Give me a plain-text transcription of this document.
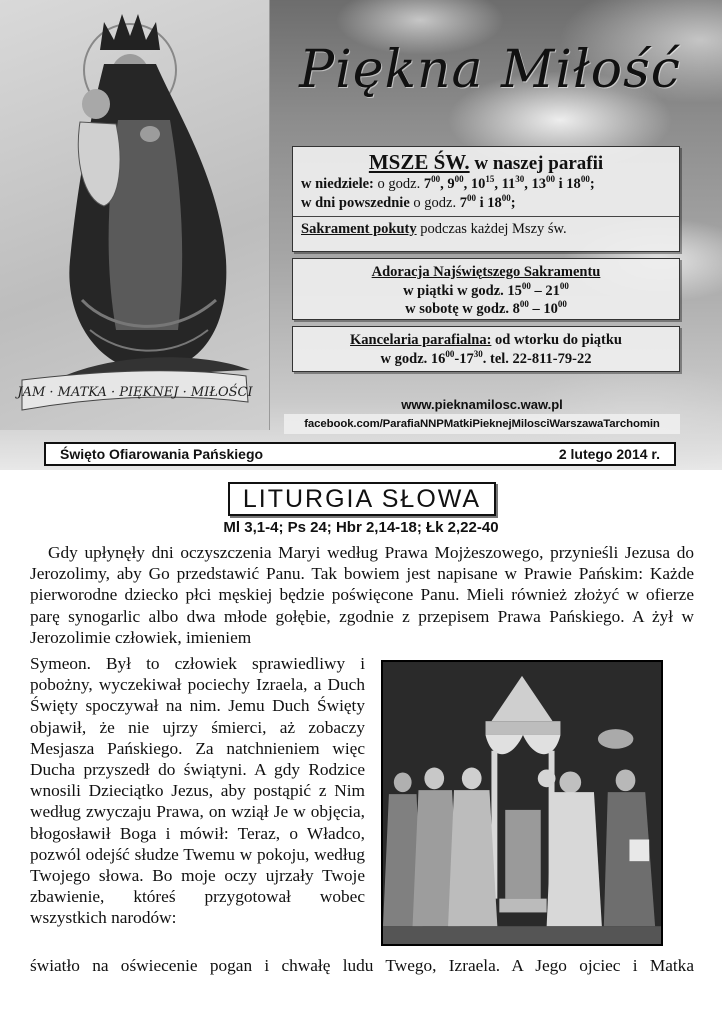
JAM · MATKA · PIĘKNEJ · MIŁOŚCI
Piękna Miłość
MSZE ŚW. w naszej parafii
w niedziele: o godz. $7^{00}$, $9^{00}$, $10^{15}$, $11^{30}$, $13^{00}$ i $18^{00}$;
w dni powszednie o godz. $7^{00}$ i $18^{00}$;
Sakrament pokuty podczas każdej Mszy św.
Adoracja Najświętszego Sakramentu
w piątki w godz. $15^{00} - 21^{00}$
w sobotę w godz. $8^{00} - 10^{00}$
Kancelaria parafialna: od wtorku do piątku
w godz. $16^{00}-17^{30}$. tel. 22-811-79-22
www.pieknamilosc.waw.pl
facebook.com/ParafiaNNPMatkiPieknejMilosciWarszawaTarchomin
Święto Ofiarowania Pańskiego	2 lutego 2014 r.
LITURGIA SŁOWA
Ml 3,1-4; Ps 24; Hbr 2,14-18; Łk 2,22-40
Gdy upłynęły dni oczyszczenia Maryi według Prawa Mojżeszowego, przynieśli Jezusa do Jerozolimy, aby Go przedstawić Panu. Tak bowiem jest napisane w Prawie Pańskim: Każde pierworodne dziecko płci męskiej będzie poświęcone Panu. Mieli również złożyć w ofierze parę synogarlic albo dwa młode gołębie, zgodnie z przepisem Prawa Pańskiego. A żył w Jerozolimie człowiek, imieniem
Symeon. Był to człowiek sprawiedliwy i pobożny, wyczekiwał pociechy Izraela, a Duch Święty spoczywał na nim. Jemu Duch Święty objawił, że nie ujrzy śmierci, aż zobaczy Mesjasza Pańskiego. Za natchnieniem więc Ducha przyszedł do świątyni. A gdy Rodzice wnosili Dzieciątko Jezus, aby postąpić z Nim według zwyczaju Prawa, on wziął Je w objęcia, błogosławił Boga i mówił: Teraz, o Władco, pozwól odejść słudze Twemu w pokoju, według Twojego słowa. Bo moje oczy ujrzały Twoje zbawienie, któreś przygotował wobec wszystkich narodów:
światło na oświecenie pogan i chwałę ludu Twego, Izraela. A Jego ojciec i Matka
